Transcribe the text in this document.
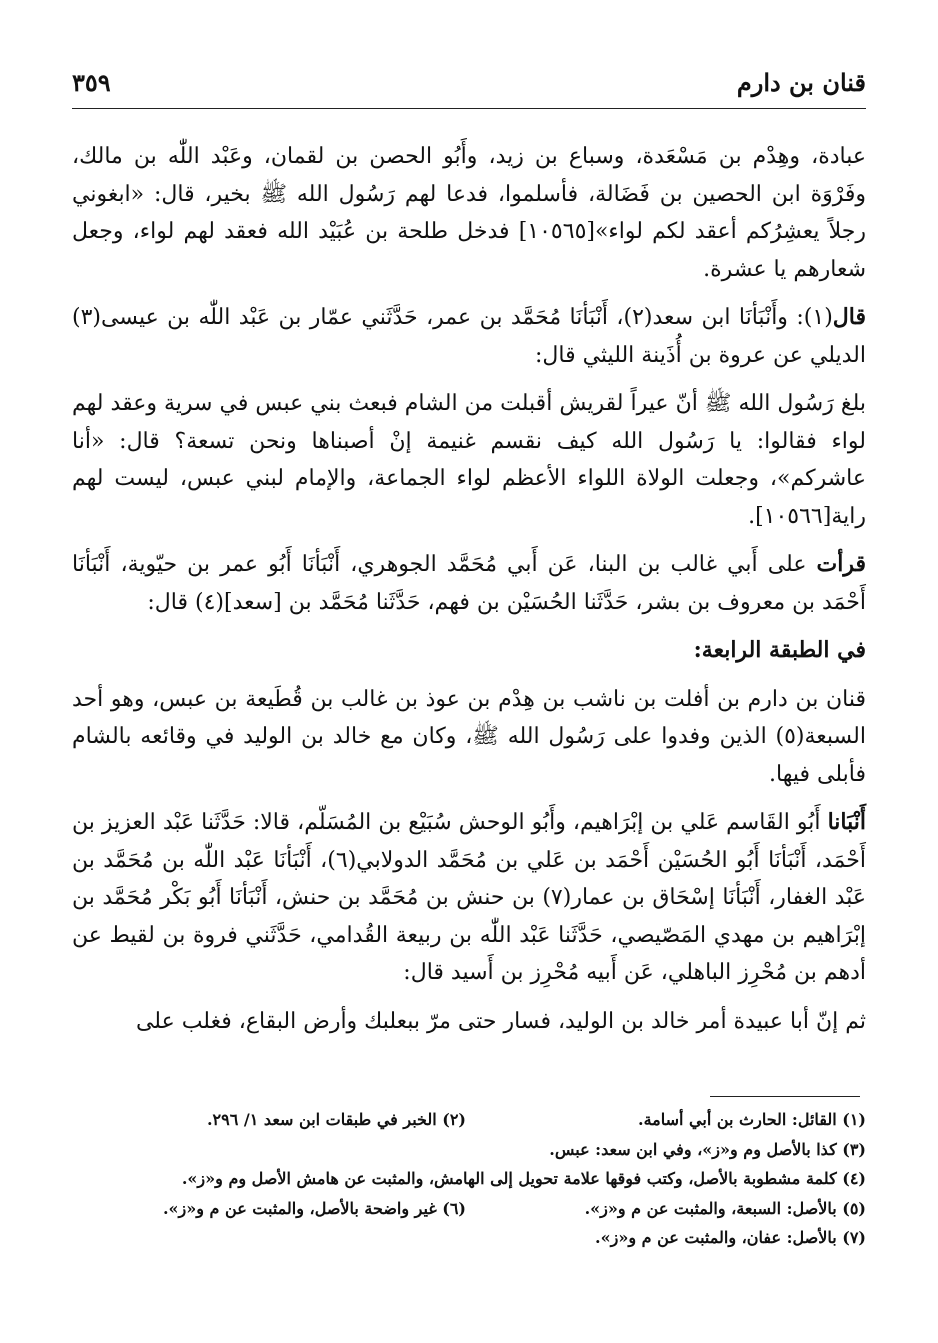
قنان بن دارم
٣٥٩

عبادة، وهِدْم بن مَسْعَدة، وسباع بن زيد، وأَبُو الحصن بن لقمان، وعَبْد اللّٰه بن مالك، وفَرْوَة ابن الحصين بن فَضَالة، فأسلموا، فدعا لهم رَسُول الله ﷺ بخير، قال: «ابغوني رجلاً يعشِرُكم أعقد لكم لواء»[١٠٥٦٥] فدخل طلحة بن عُبَيْد الله فعقد لهم لواء، وجعل شعارهم يا عشرة.

قال(١): وأَنْبَأنَا ابن سعد(٢)، أَنْبَأنَا مُحَمَّد بن عمر، حَدَّثَني عمّار بن عَبْد اللّٰه بن عيسى(٣) الديلي عن عروة بن أُذَينة الليثي قال:

بلغ رَسُول الله ﷺ أنّ عيراً لقريش أقبلت من الشام فبعث بني عبس في سرية وعقد لهم لواء فقالوا: يا رَسُول الله كيف نقسم غنيمة إنْ أصبناها ونحن تسعة؟ قال: «أنا عاشركم»، وجعلت الولاة اللواء الأعظم لواء الجماعة، والإمام لبني عبس، ليست لهم راية[١٠٥٦٦].

قرأت على أَبي غالب بن البنا، عَن أَبي مُحَمَّد الجوهري، أَنْبَأنَا أَبُو عمر بن حيّوية، أَنْبَأنَا أَحْمَد بن معروف بن بشر، حَدَّثَنا الحُسَيْن بن فهم، حَدَّثَنا مُحَمَّد بن [سعد](٤) قال:

في الطبقة الرابعة:

قنان بن دارم بن أفلت بن ناشب بن هِدْم بن عوذ بن غالب بن قُطَيعة بن عبس، وهو أحد السبعة(٥) الذين وفدوا على رَسُول الله ﷺ، وكان مع خالد بن الوليد في وقائعه بالشام فأبلى فيها.

أَنْبَانا أَبُو القَاسم عَلي بن إبْرَاهيم، وأَبُو الوحش سُبَيْع بن المُسَلّم، قالا: حَدَّثَنا عَبْد العزيز بن أَحْمَد، أَنْبَأنَا أَبُو الحُسَيْن أَحْمَد بن عَلي بن مُحَمَّد الدولابي(٦)، أَنْبَأنَا عَبْد اللّٰه بن مُحَمَّد بن عَبْد الغفار، أَنْبَأنَا إسْحَاق بن عمار(٧) بن حنش بن مُحَمَّد بن حنش، أَنْبَأنَا أَبُو بَكْر مُحَمَّد بن إبْرَاهيم بن مهدي المَصّيصي، حَدَّثَنا عَبْد اللّٰه بن ربيعة القُدامي، حَدَّثَني فروة بن لقيط عن أدهم بن مُحْرِز الباهلي، عَن أَبيه مُحْرِز بن أَسيد قال:

ثم إنّ أبا عبيدة أمر خالد بن الوليد، فسار حتى مرّ ببعلبك وأرض البقاع، فغلب على

(١) القائل: الحارث بن أبي أسامة.
(٢) الخبر في طبقات ابن سعد ١/ ٢٩٦.
(٣) كذا بالأصل وم و«ز»، وفي ابن سعد: عبس.
(٤) كلمة مشطوبة بالأصل، وكتب فوقها علامة تحويل إلى الهامش، والمثبت عن هامش الأصل وم و«ز».
(٥) بالأصل: السبعة، والمثبت عن م و«ز».
(٦) غير واضحة بالأصل، والمثبت عن م و«ز».
(٧) بالأصل: عفان، والمثبت عن م و«ز».
